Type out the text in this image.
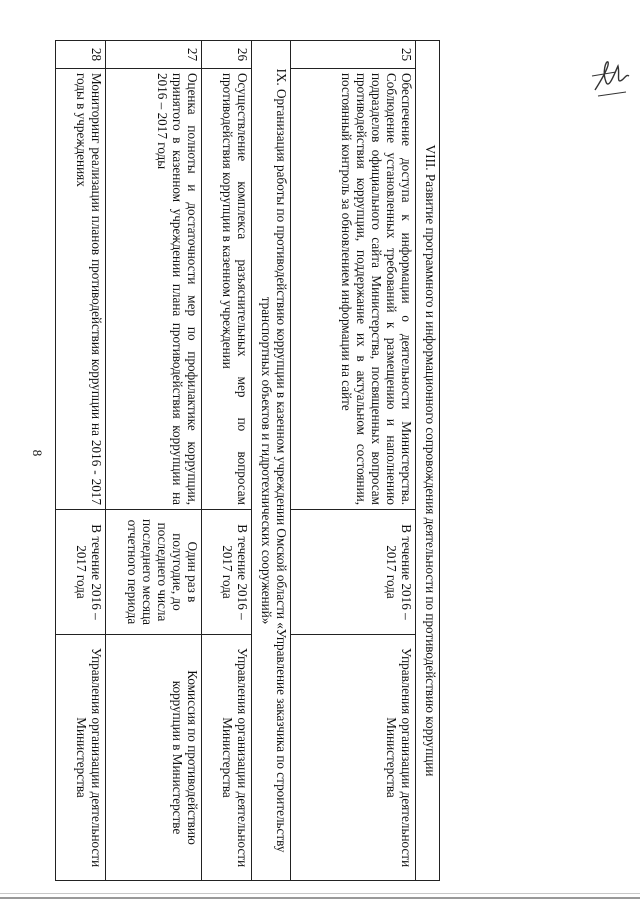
8	VIII. Развитие программного и информационного сопровождения деятельности по противодействию коррупции			
25	Обеспечение доступа к информации о деятельности Министерства. Соблюдение установленных требований к размещению и наполнению подразделов официального сайта Министерства, посвященных вопросам противодействия коррупции, поддержание их в актуальном состоянии, постоянный контроль за обновлением информации на сайте	В течение 2016 – 2017 года	Управления организации деятельности Министерства
IX. Организация работы по противодействию коррупции в казенном учреждении Омской области «Управление заказчика по строительству транспортных объектов и гидротехнических сооружений»			
26	Осуществление комплекса разъяснительных мер по вопросам противодействия коррупции в казенном учреждении	В течение 2016 – 2017 года	Управления организации деятельности Министерства
27	Оценка полноты и достаточности мер по профилактике коррупции, принятого в казенном учреждении плана противодействия коррупции на 2016 – 2017 годы	Один раз в полугодие, до последнего числа последнего месяца отчетного периода	Комиссия по противодействию коррупции в Министерстве
28	Мониторинг реализации планов противодействия коррупции на 2016 - 2017 годы в учреждениях	В течение 2016 – 2017 года	Управления организации деятельности Министерства
